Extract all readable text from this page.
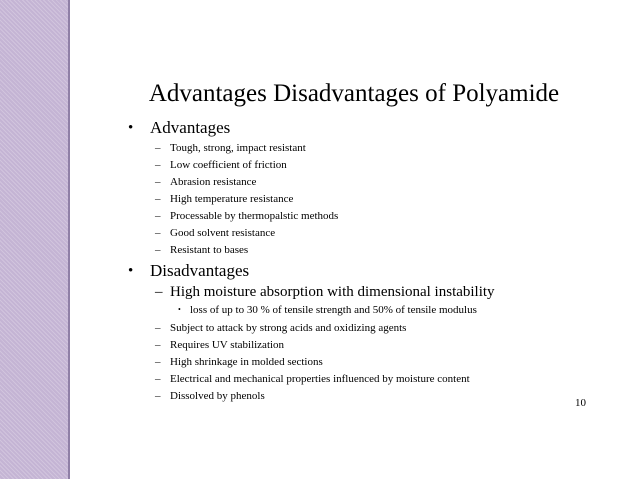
Advantages Disadvantages of Polyamide
• Advantages
– Tough, strong, impact resistant
– Low coefficient of friction
– Abrasion resistance
– High temperature resistance
– Processable by thermopalstic methods
– Good solvent resistance
– Resistant to bases
• Disadvantages
– High moisture absorption with dimensional instability
• loss of up to 30 % of tensile strength and 50% of tensile modulus
– Subject to attack by strong acids and oxidizing agents
– Requires UV stabilization
– High shrinkage in molded sections
– Electrical and mechanical properties influenced by moisture content
– Dissolved by phenols
10
